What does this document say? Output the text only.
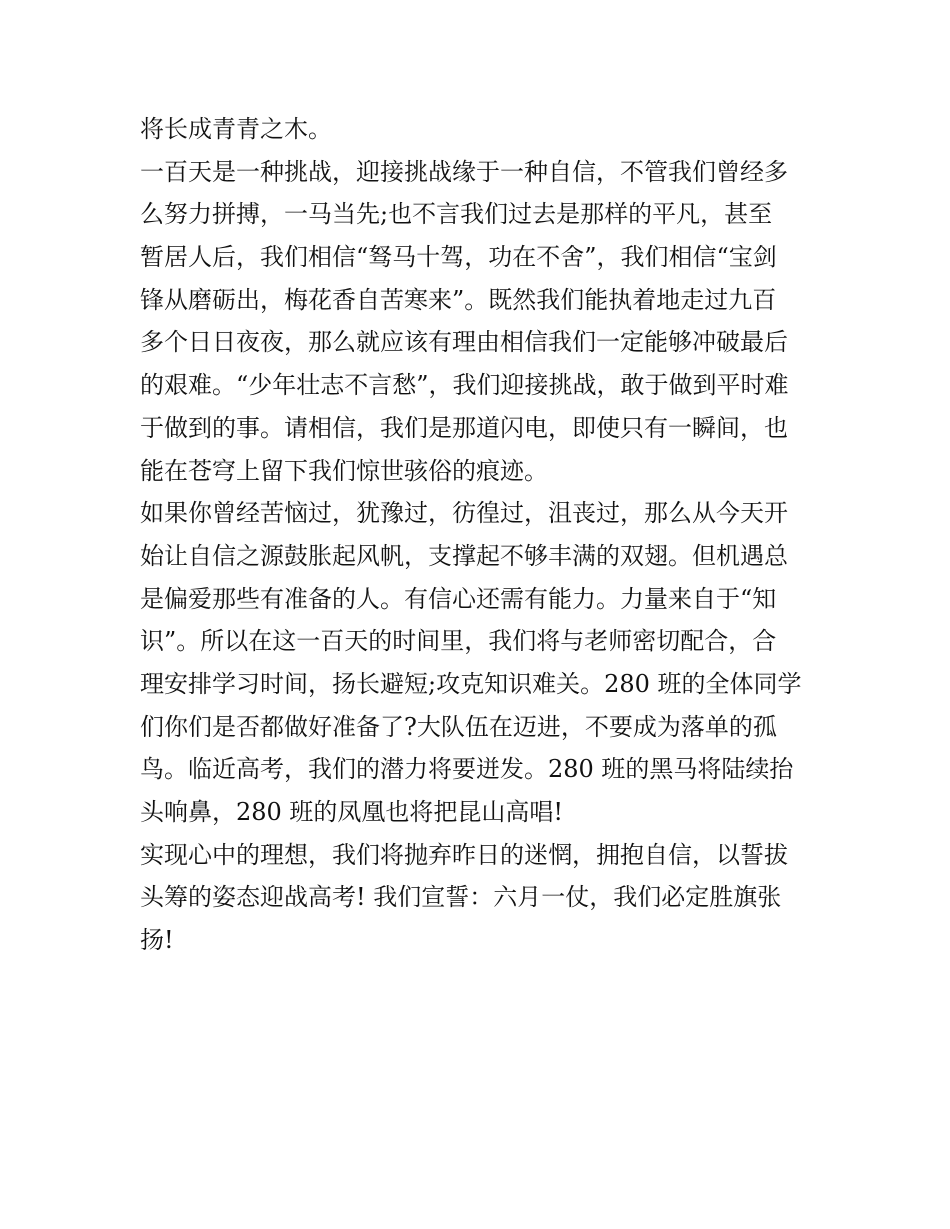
将长成青青之木。
一百天是一种挑战，迎接挑战缘于一种自信，不管我们曾经多
么努力拼搏，一马当先;也不言我们过去是那样的平凡，甚至
暂居人后，我们相信“驽马十驾，功在不舍”，我们相信“宝剑
锋从磨砺出，梅花香自苦寒来”。既然我们能执着地走过九百
多个日日夜夜，那么就应该有理由相信我们一定能够冲破最后
的艰难。“少年壮志不言愁”，我们迎接挑战，敢于做到平时难
于做到的事。请相信，我们是那道闪电，即使只有一瞬间，也
能在苍穹上留下我们惊世骇俗的痕迹。
如果你曾经苦恼过，犹豫过，彷徨过，沮丧过，那么从今天开
始让自信之源鼓胀起风帆，支撑起不够丰满的双翅。但机遇总
是偏爱那些有准备的人。有信心还需有能力。力量来自于“知
识”。所以在这一百天的时间里，我们将与老师密切配合，合
理安排学习时间，扬长避短;攻克知识难关。280 班的全体同学
们你们是否都做好准备了?大队伍在迈进，不要成为落单的孤
鸟。临近高考，我们的潜力将要迸发。280 班的黑马将陆续抬
头响鼻，280 班的凤凰也将把昆山高唱!
实现心中的理想，我们将抛弃昨日的迷惘，拥抱自信，以誓拔
头筹的姿态迎战高考! 我们宣誓：六月一仗，我们必定胜旗张
扬!
